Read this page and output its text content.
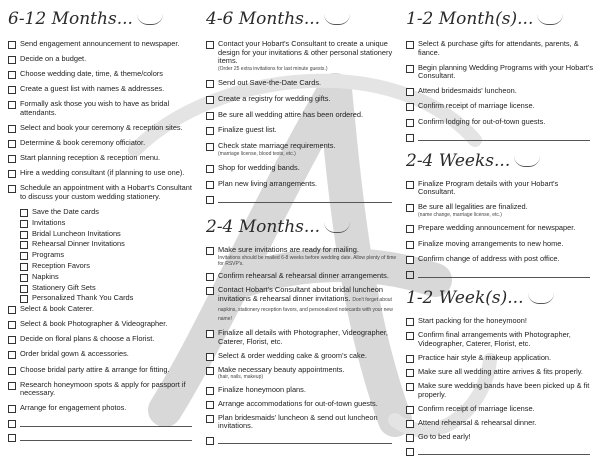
6-12 Months...
Send engagement announcement to newspaper.
Decide on a budget.
Choose wedding date, time, & theme/colors
Create a guest list with names & addresses.
Formally ask those you wish to have as bridal attendants.
Select and book your ceremony & reception sites.
Determine & book ceremony officiator.
Start planning reception & reception menu.
Hire a wedding consultant (if planning to use one).
Schedule an appointment with a Hobart's Consultant to discuss your custom wedding stationery.
Save the Date cards
Invitations
Bridal Luncheon Invitations
Rehearsal Dinner Invitations
Programs
Reception Favors
Napkins
Stationery Gift Sets
Personalized Thank You Cards
Select & book Caterer.
Select & book Photographer & Videographer.
Decide on floral plans & choose a Florist.
Order bridal gown & accessories.
Choose bridal party attire & arrange for fitting.
Research honeymoon spots & apply for passport if necessary.
Arrange for engagement photos.
4-6 Months...
Contact your Hobart's Consultant to create a unique design for your invitations & other personal stationery items.
(Order 25 extra invitations for last minute guests.)
Send out Save-the-Date Cards.
Create a registry for wedding gifts.
Be sure all wedding attire has been ordered.
Finalize guest list.
Check state marriage requirements.
(marriage license, blood tests, etc.)
Shop for wedding bands.
Plan new living arrangements.
2-4 Months...
Make sure invitations are ready for mailing.
Invitations should be mailed 6-8 weeks before wedding date. Allow plenty of time for RSVP's.
Confirm rehearsal & rehearsal dinner arrangements.
Contact Hobart's Consultant about bridal luncheon invitations & rehearsal dinner invitations. Don't forget about napkins, stationery reception favors, and personalized notecards with your new name!
Finalize all details with Photographer, Videographer, Caterer, Florist, etc.
Select & order wedding cake & groom's cake.
Make necessary beauty appointments.
(hair, nails, makeup)
Finalize honeymoon plans.
Arrange accommodations for out-of-town guests.
Plan bridesmaids' luncheon & send out luncheon invitations.
1-2 Month(s)...
Select & purchase gifts for attendants, parents, & fiance.
Begin planning Wedding Programs with your Hobart's Consultant.
Attend bridesmaids' luncheon.
Confirm receipt of marriage license.
Confirm lodging for out-of-town guests.
2-4 Weeks...
Finalize Program details with your Hobart's Consultant.
Be sure all legalities are finalized.
(name change, marriage license, etc.)
Prepare wedding announcement for newspaper.
Finalize moving arrangements to new home.
Confirm change of address with post office.
1-2 Week(s)...
Start packing for the honeymoon!
Confirm final arrangements with Photographer, Videographer, Caterer, Florist, etc.
Practice hair style & makeup application.
Make sure all wedding attire arrives & fits properly.
Make sure wedding bands have been picked up & fit properly.
Confirm receipt of marriage license.
Attend rehearsal & rehearsal dinner.
Go to bed early!
